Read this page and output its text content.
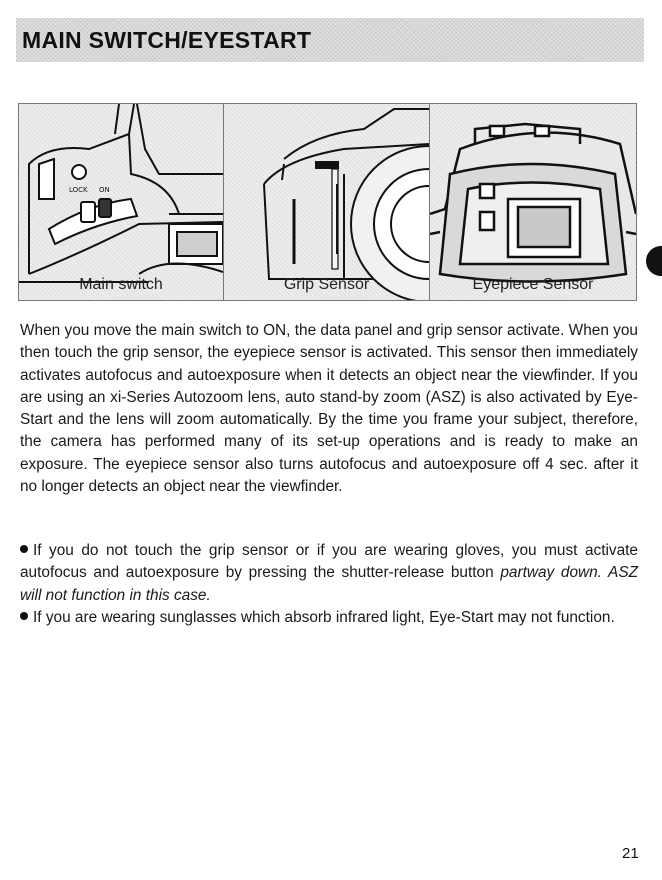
MAIN SWITCH/EYESTART
LOCK ON
Main switch	Grip Sensor	Eyepiece Sensor

When you move the main switch to ON, the data panel and grip sensor activate. When you then touch the grip sensor, the eyepiece sensor is activated. This sensor then immediately activates autofocus and autoexposure when it detects an object near the viewfinder. If you are using an xi-Series Autozoom lens, auto stand-by zoom (ASZ) is also activated by Eye-Start and the lens will zoom automatically. By the time you frame your subject, therefore, the camera has performed many of its set-up operations and is ready to make an exposure. The eyepiece sensor also turns autofocus and autoexposure off 4 sec. after it no longer detects an object near the viewfinder.

If you do not touch the grip sensor or if you are wearing gloves, you must activate autofocus and autoexposure by pressing the shutter-release button partway down. ASZ will not function in this case.

If you are wearing sunglasses which absorb infrared light, Eye-Start may not function.

21
